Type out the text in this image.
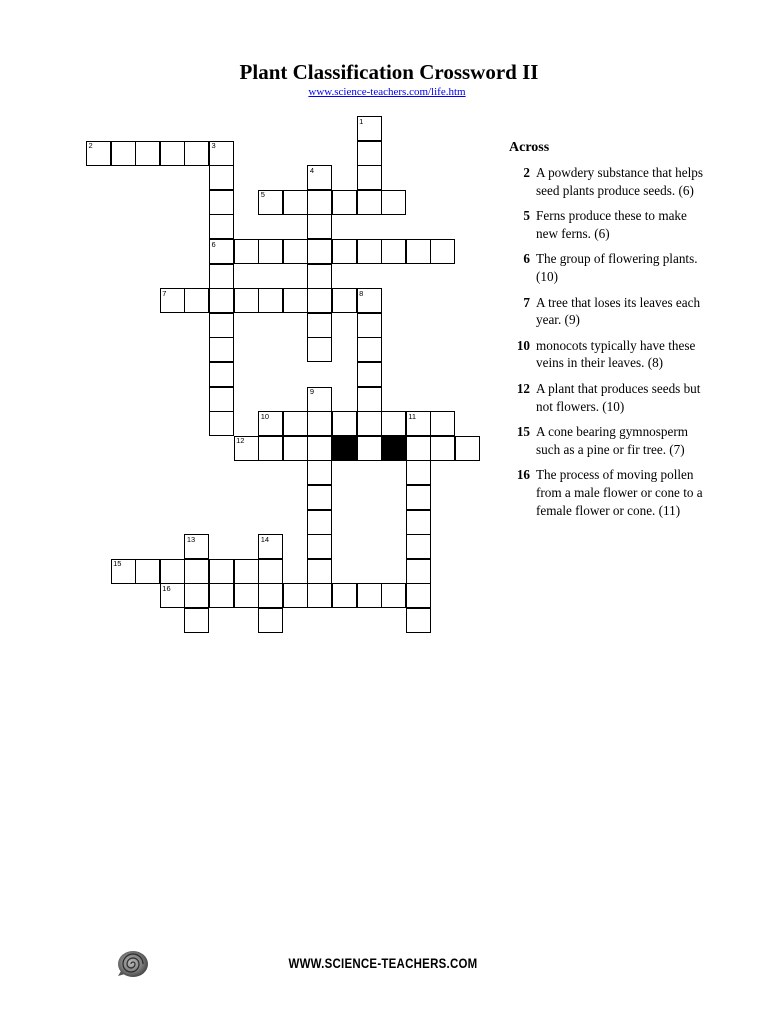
Plant Classification Crossword II
www.science-teachers.com/life.htm
1
2	3
4
5
6
7	8
9
10	11
12
13	14
15
16
Across
2 A powdery substance that helps seed plants produce seeds. (6)
5 Ferns produce these to make new ferns. (6)
6 The group of flowering plants. (10)
7 A tree that loses its leaves each year. (9)
10 monocots typically have these veins in their leaves. (8)
12 A plant that produces seeds but not flowers. (10)
15 A cone bearing gymnosperm such as a pine or fir tree. (7)
16 The process of moving pollen from a male flower or cone to a female flower or cone. (11)
WWW.SCIENCE-TEACHERS.COM
